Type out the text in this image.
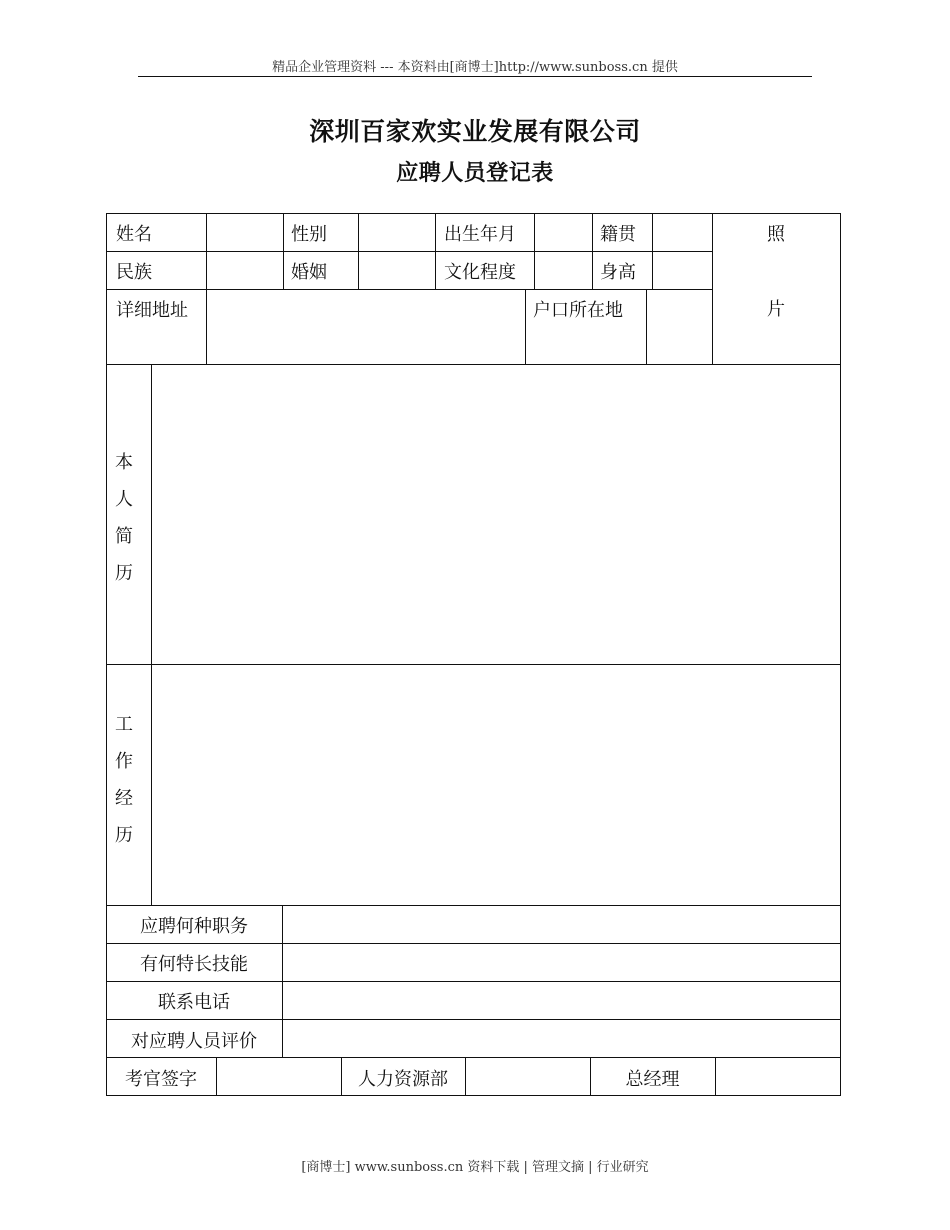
精品企业管理资料 --- 本资料由[商博士]http://www.sunboss.cn 提供
深圳百家欢实业发展有限公司
应聘人员登记表
姓名	性别	出生年月	籍贯	照
民族	婚姻	文化程度	身高
详细地址	户口所在地	片
本
人
简
历
工
作
经
历
应聘何种职务
有何特长技能
联系电话
对应聘人员评价
考官签字	人力资源部	总经理
[商博士] www.sunboss.cn 资料下载 | 管理文摘 | 行业研究
